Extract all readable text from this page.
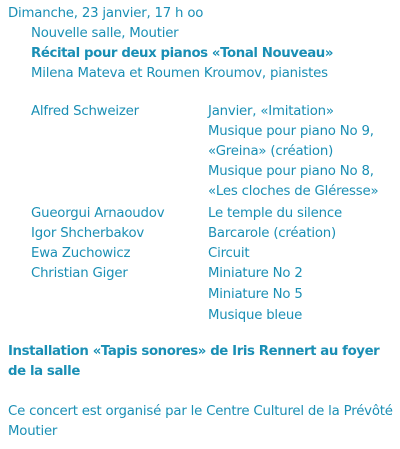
Dimanche, 23 janvier, 17 h oo
Nouvelle salle, Moutier
Récital pour deux pianos «Tonal Nouveau»
Milena Mateva et Roumen Kroumov, pianistes
Alfred Schweizer	Janvier, «Imitation»
Musique pour piano No 9,
«Greina» (création)
Musique pour piano No 8,
«Les cloches de Gléresse»
Gueorgui Arnaoudov	Le temple du silence
Igor Shcherbakov	Barcarole (création)
Ewa Zuchowicz	Circuit
Christian Giger	Miniature No 2
Miniature No 5
Musique bleue
Installation «Tapis sonores» de Iris Rennert au foyer
de la salle
Ce concert est organisé par le Centre Culturel de la Prévôté
Moutier
